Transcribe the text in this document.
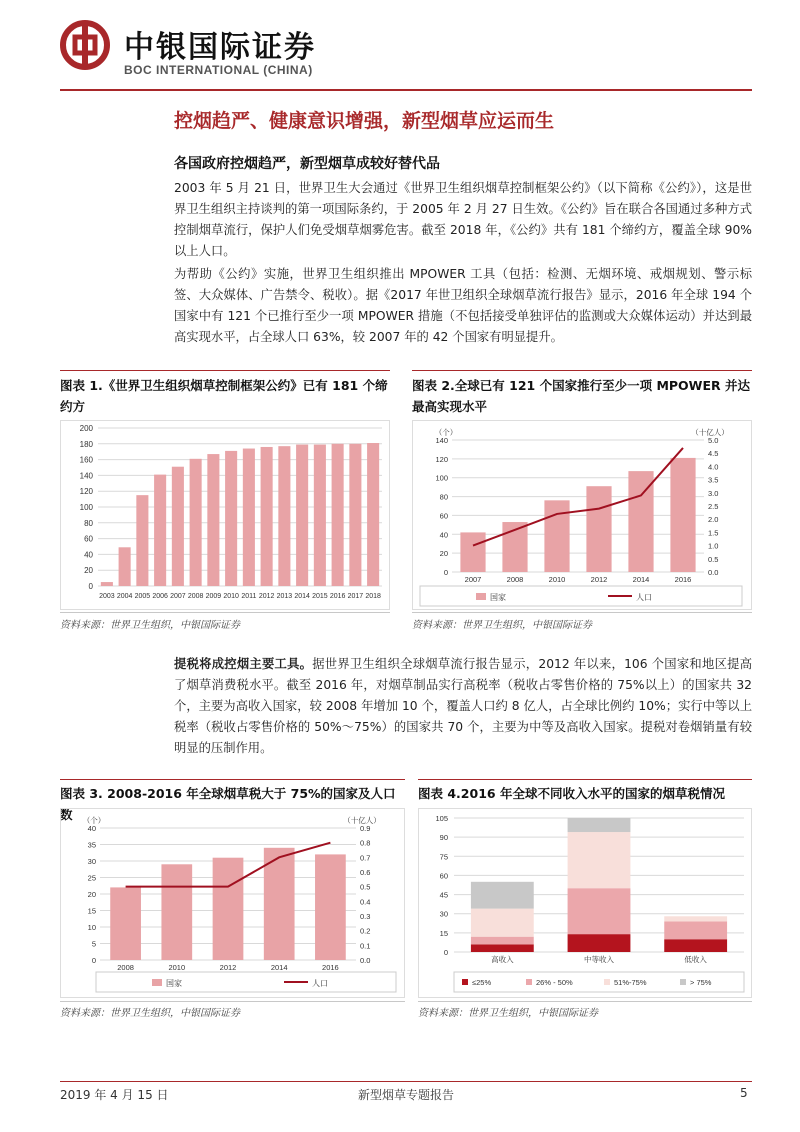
中银国际证券
BOC INTERNATIONAL (CHINA)
控烟趋严、健康意识增强，新型烟草应运而生
各国政府控烟趋严，新型烟草成较好替代品
2003 年 5 月 21 日，世界卫生大会通过《世界卫生组织烟草控制框架公约》（以下简称《公约》），这是世界卫生组织主持谈判的第一项国际条约，于 2005 年 2 月 27 日生效。《公约》旨在联合各国通过多种方式控制烟草流行，保护人们免受烟草烟雾危害。截至 2018 年，《公约》共有 181 个缔约方，覆盖全球 90%以上人口。
为帮助《公约》实施，世界卫生组织推出 MPOWER 工具（包括：检测、无烟环境、戒烟规划、警示标签、大众媒体、广告禁令、税收）。据《2017 年世卫组织全球烟草流行报告》显示，2016 年全球 194 个国家中有 121 个已推行至少一项 MPOWER 措施（不包括接受单独评估的监测或大众媒体运动）并达到最高实现水平，占全球人口 63%，较 2007 年的 42 个国家有明显提升。
图表 1.《世界卫生组织烟草控制框架公约》已有 181 个缔约方
图表 2.全球已有 121 个国家推行至少一项 MPOWER 并达最高实现水平
0
20
40
60
80
100
120
140
160
180
200
2003 2004 2005 2006 2007 2008 2009 2010 2011 2012 2013 2014 2015 2016 2017 2018
资料来源：世界卫生组织，中银国际证券
（个）	（十亿人）
0
20
40
60
80
100
120
140
0.0
0.5
1.0
1.5
2.0
2.5
3.0
3.5
4.0
4.5
5.0
2007	2008	2010	2012	2014	2016
国家	人口
资料来源：世界卫生组织，中银国际证券
提税将成控烟主要工具。据世界卫生组织全球烟草流行报告显示，2012 年以来，106 个国家和地区提高了烟草消费税水平。截至 2016 年，对烟草制品实行高税率（税收占零售价格的 75%以上）的国家共 32 个，主要为高收入国家，较 2008 年增加 10 个，覆盖人口约 8 亿人，占全球比例约 10%；实行中等以上税率（税收占零售价格的 50%～75%）的国家共 70 个，主要为中等及高收入国家。提税对卷烟销量有较明显的压制作用。
图表 3. 2008-2016 年全球烟草税大于 75%的国家及人口数
图表 4.2016 年全球不同收入水平的国家的烟草税情况
（个）	（十亿人）
0
5
10
15
20
25
30
35
40
0.0
0.1
0.2
0.3
0.4
0.5
0.6
0.7
0.8
0.9
2008	2010	2012	2014	2016
国家	人口
资料来源：世界卫生组织，中银国际证券
0
15
30
45
60
75
90
105
高收入	中等收入	低收入
≤25%	26% - 50%	51%-75%	> 75%
资料来源：世界卫生组织，中银国际证券
2019 年 4 月 15 日	新型烟草专题报告	5
